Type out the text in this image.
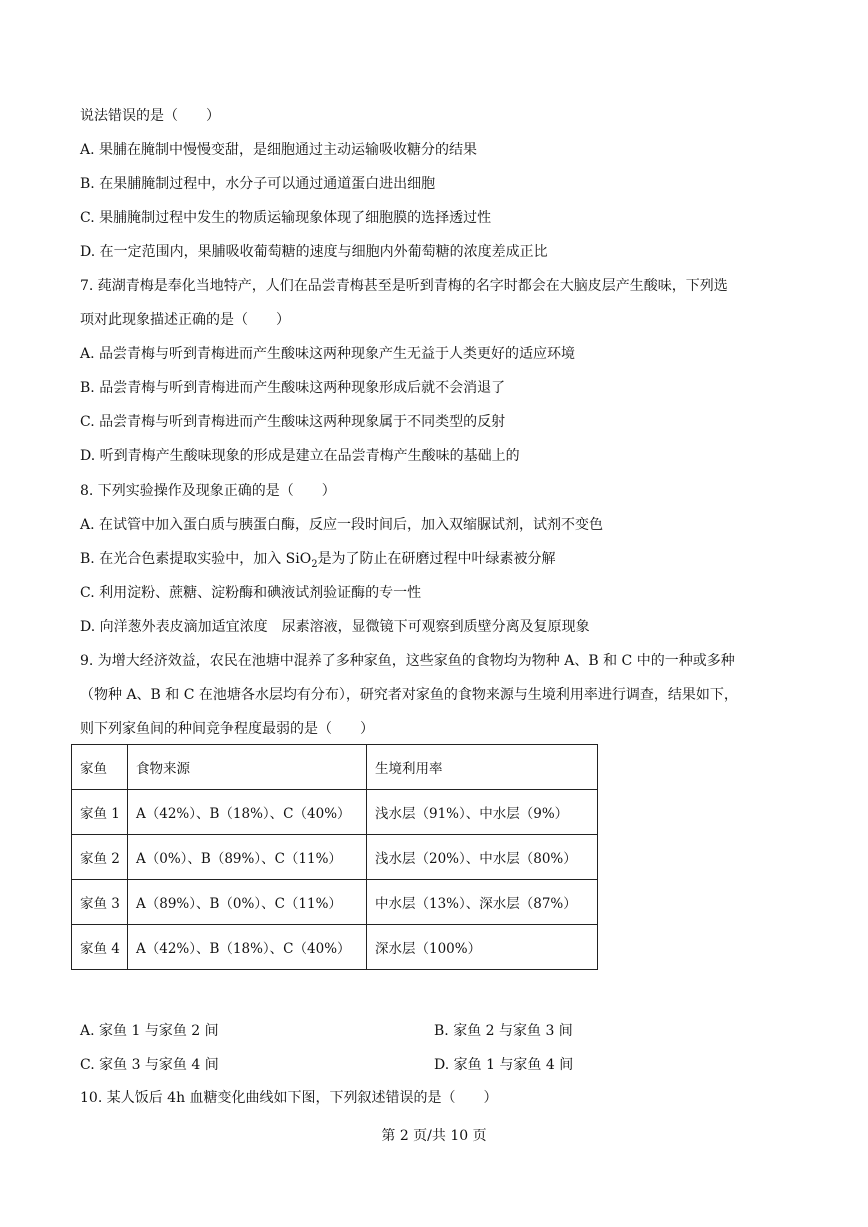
说法错误的是（　　）
A. 果脯在腌制中慢慢变甜，是细胞通过主动运输吸收糖分的结果
B. 在果脯腌制过程中，水分子可以通过通道蛋白进出细胞
C. 果脯腌制过程中发生的物质运输现象体现了细胞膜的选择透过性
D. 在一定范围内，果脯吸收葡萄糖的速度与细胞内外葡萄糖的浓度差成正比
7. 莼湖青梅是奉化当地特产，人们在品尝青梅甚至是听到青梅的名字时都会在大脑皮层产生酸味，下列选
项对此现象描述正确的是（　　）
A. 品尝青梅与听到青梅进而产生酸味这两种现象产生无益于人类更好的适应环境
B. 品尝青梅与听到青梅进而产生酸味这两种现象形成后就不会消退了
C. 品尝青梅与听到青梅进而产生酸味这两种现象属于不同类型的反射
D. 听到青梅产生酸味现象的形成是建立在品尝青梅产生酸味的基础上的
8. 下列实验操作及现象正确的是（　　）
A. 在试管中加入蛋白质与胰蛋白酶，反应一段时间后，加入双缩脲试剂，试剂不变色
B. 在光合色素提取实验中，加入 SiO$_2$是为了防止在研磨过程中叶绿素被分解
C. 利用淀粉、蔗糖、淀粉酶和碘液试剂验证酶的专一性
D. 向洋葱外表皮滴加适宜浓度　尿素溶液，显微镜下可观察到质壁分离及复原现象
9. 为增大经济效益，农民在池塘中混养了多种家鱼，这些家鱼的食物均为物种 A、B 和 C 中的一种或多种
（物种 A、B 和 C 在池塘各水层均有分布），研究者对家鱼的食物来源与生境利用率进行调查，结果如下，
则下列家鱼间的种间竞争程度最弱的是（　　）
家鱼	食物来源	生境利用率
家鱼 1	A（42%）、B（18%）、C（40%）	浅水层（91%）、中水层（9%）
家鱼 2	A（0%）、B（89%）、C（11%）	浅水层（20%）、中水层（80%）
家鱼 3	A（89%）、B（0%）、C（11%）	中水层（13%）、深水层（87%）
家鱼 4	A（42%）、B（18%）、C（40%）	深水层（100%）
A. 家鱼 1 与家鱼 2 间	B. 家鱼 2 与家鱼 3 间
C. 家鱼 3 与家鱼 4 间	D. 家鱼 1 与家鱼 4 间
10. 某人饭后 4h 血糖变化曲线如下图，下列叙述错误的是（　　）
第 2 页/共 10 页
